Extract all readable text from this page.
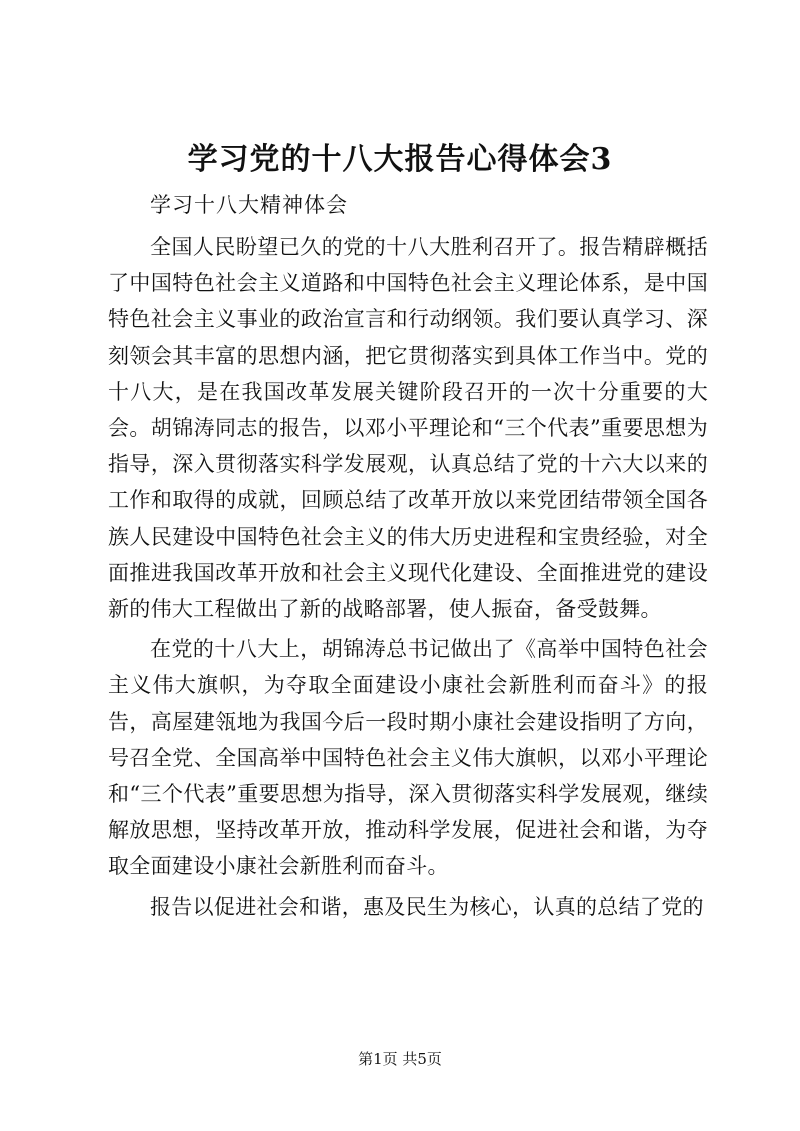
学习党的十八大报告心得体会3
学习十八大精神体会

全国人民盼望已久的党的十八大胜利召开了。报告精辟概括了中国特色社会主义道路和中国特色社会主义理论体系，是中国特色社会主义事业的政治宣言和行动纲领。我们要认真学习、深刻领会其丰富的思想内涵，把它贯彻落实到具体工作当中。党的十八大，是在我国改革发展关键阶段召开的一次十分重要的大会。胡锦涛同志的报告，以邓小平理论和“三个代表”重要思想为指导，深入贯彻落实科学发展观，认真总结了党的十六大以来的工作和取得的成就，回顾总结了改革开放以来党团结带领全国各族人民建设中国特色社会主义的伟大历史进程和宝贵经验，对全面推进我国改革开放和社会主义现代化建设、全面推进党的建设新的伟大工程做出了新的战略部署，使人振奋，备受鼓舞。

在党的十八大上，胡锦涛总书记做出了《高举中国特色社会主义伟大旗帜，为夺取全面建设小康社会新胜利而奋斗》的报告，高屋建瓴地为我国今后一段时期小康社会建设指明了方向，号召全党、全国高举中国特色社会主义伟大旗帜，以邓小平理论和“三个代表”重要思想为指导，深入贯彻落实科学发展观，继续解放思想，坚持改革开放，推动科学发展，促进社会和谐，为夺取全面建设小康社会新胜利而奋斗。

报告以促进社会和谐，惠及民生为核心，认真的总结了党的

第1页 共5页
